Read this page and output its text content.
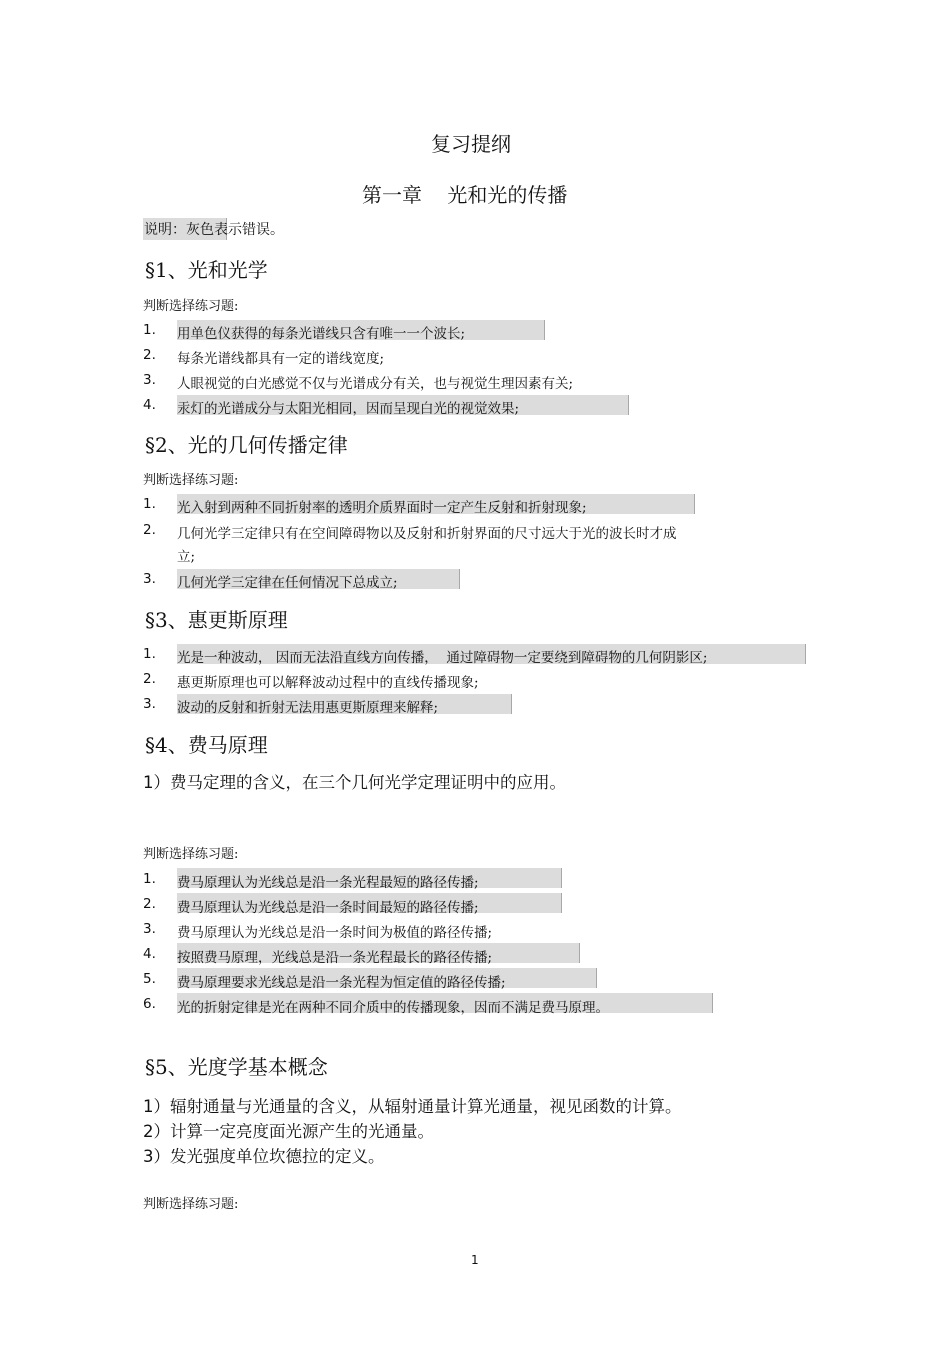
复习提纲
第一章    光和光的传播
说明：灰色表示错误。
§1、光和光学
判断选择练习题:
1. 用单色仪获得的每条光谱线只含有唯一一个波长;
2. 每条光谱线都具有一定的谱线宽度;
3. 人眼视觉的白光感觉不仅与光谱成分有关，也与视觉生理因素有关;
4. 汞灯的光谱成分与太阳光相同，因而呈现白光的视觉效果;
§2、光的几何传播定律
判断选择练习题:
1. 光入射到两种不同折射率的透明介质界面时一定产生反射和折射现象;
2. 几何光学三定律只有在空间障碍物以及反射和折射界面的尺寸远大于光的波长时才成
立;
3. 几何光学三定律在任何情况下总成立;
§3、惠更斯原理
1. 光是一种波动， 因而无法沿直线方向传播，  通过障碍物一定要绕到障碍物的几何阴影区;
2. 惠更斯原理也可以解释波动过程中的直线传播现象;
3. 波动的反射和折射无法用惠更斯原理来解释;
§4、费马原理
1）费马定理的含义，在三个几何光学定理证明中的应用。
判断选择练习题:
1. 费马原理认为光线总是沿一条光程最短的路径传播;
2. 费马原理认为光线总是沿一条时间最短的路径传播;
3. 费马原理认为光线总是沿一条时间为极值的路径传播;
4. 按照费马原理，光线总是沿一条光程最长的路径传播;
5. 费马原理要求光线总是沿一条光程为恒定值的路径传播;
6. 光的折射定律是光在两种不同介质中的传播现象，因而不满足费马原理。
§5、光度学基本概念
1）辐射通量与光通量的含义，从辐射通量计算光通量，视见函数的计算。
2）计算一定亮度面光源产生的光通量。
3）发光强度单位坎德拉的定义。
判断选择练习题:
1
